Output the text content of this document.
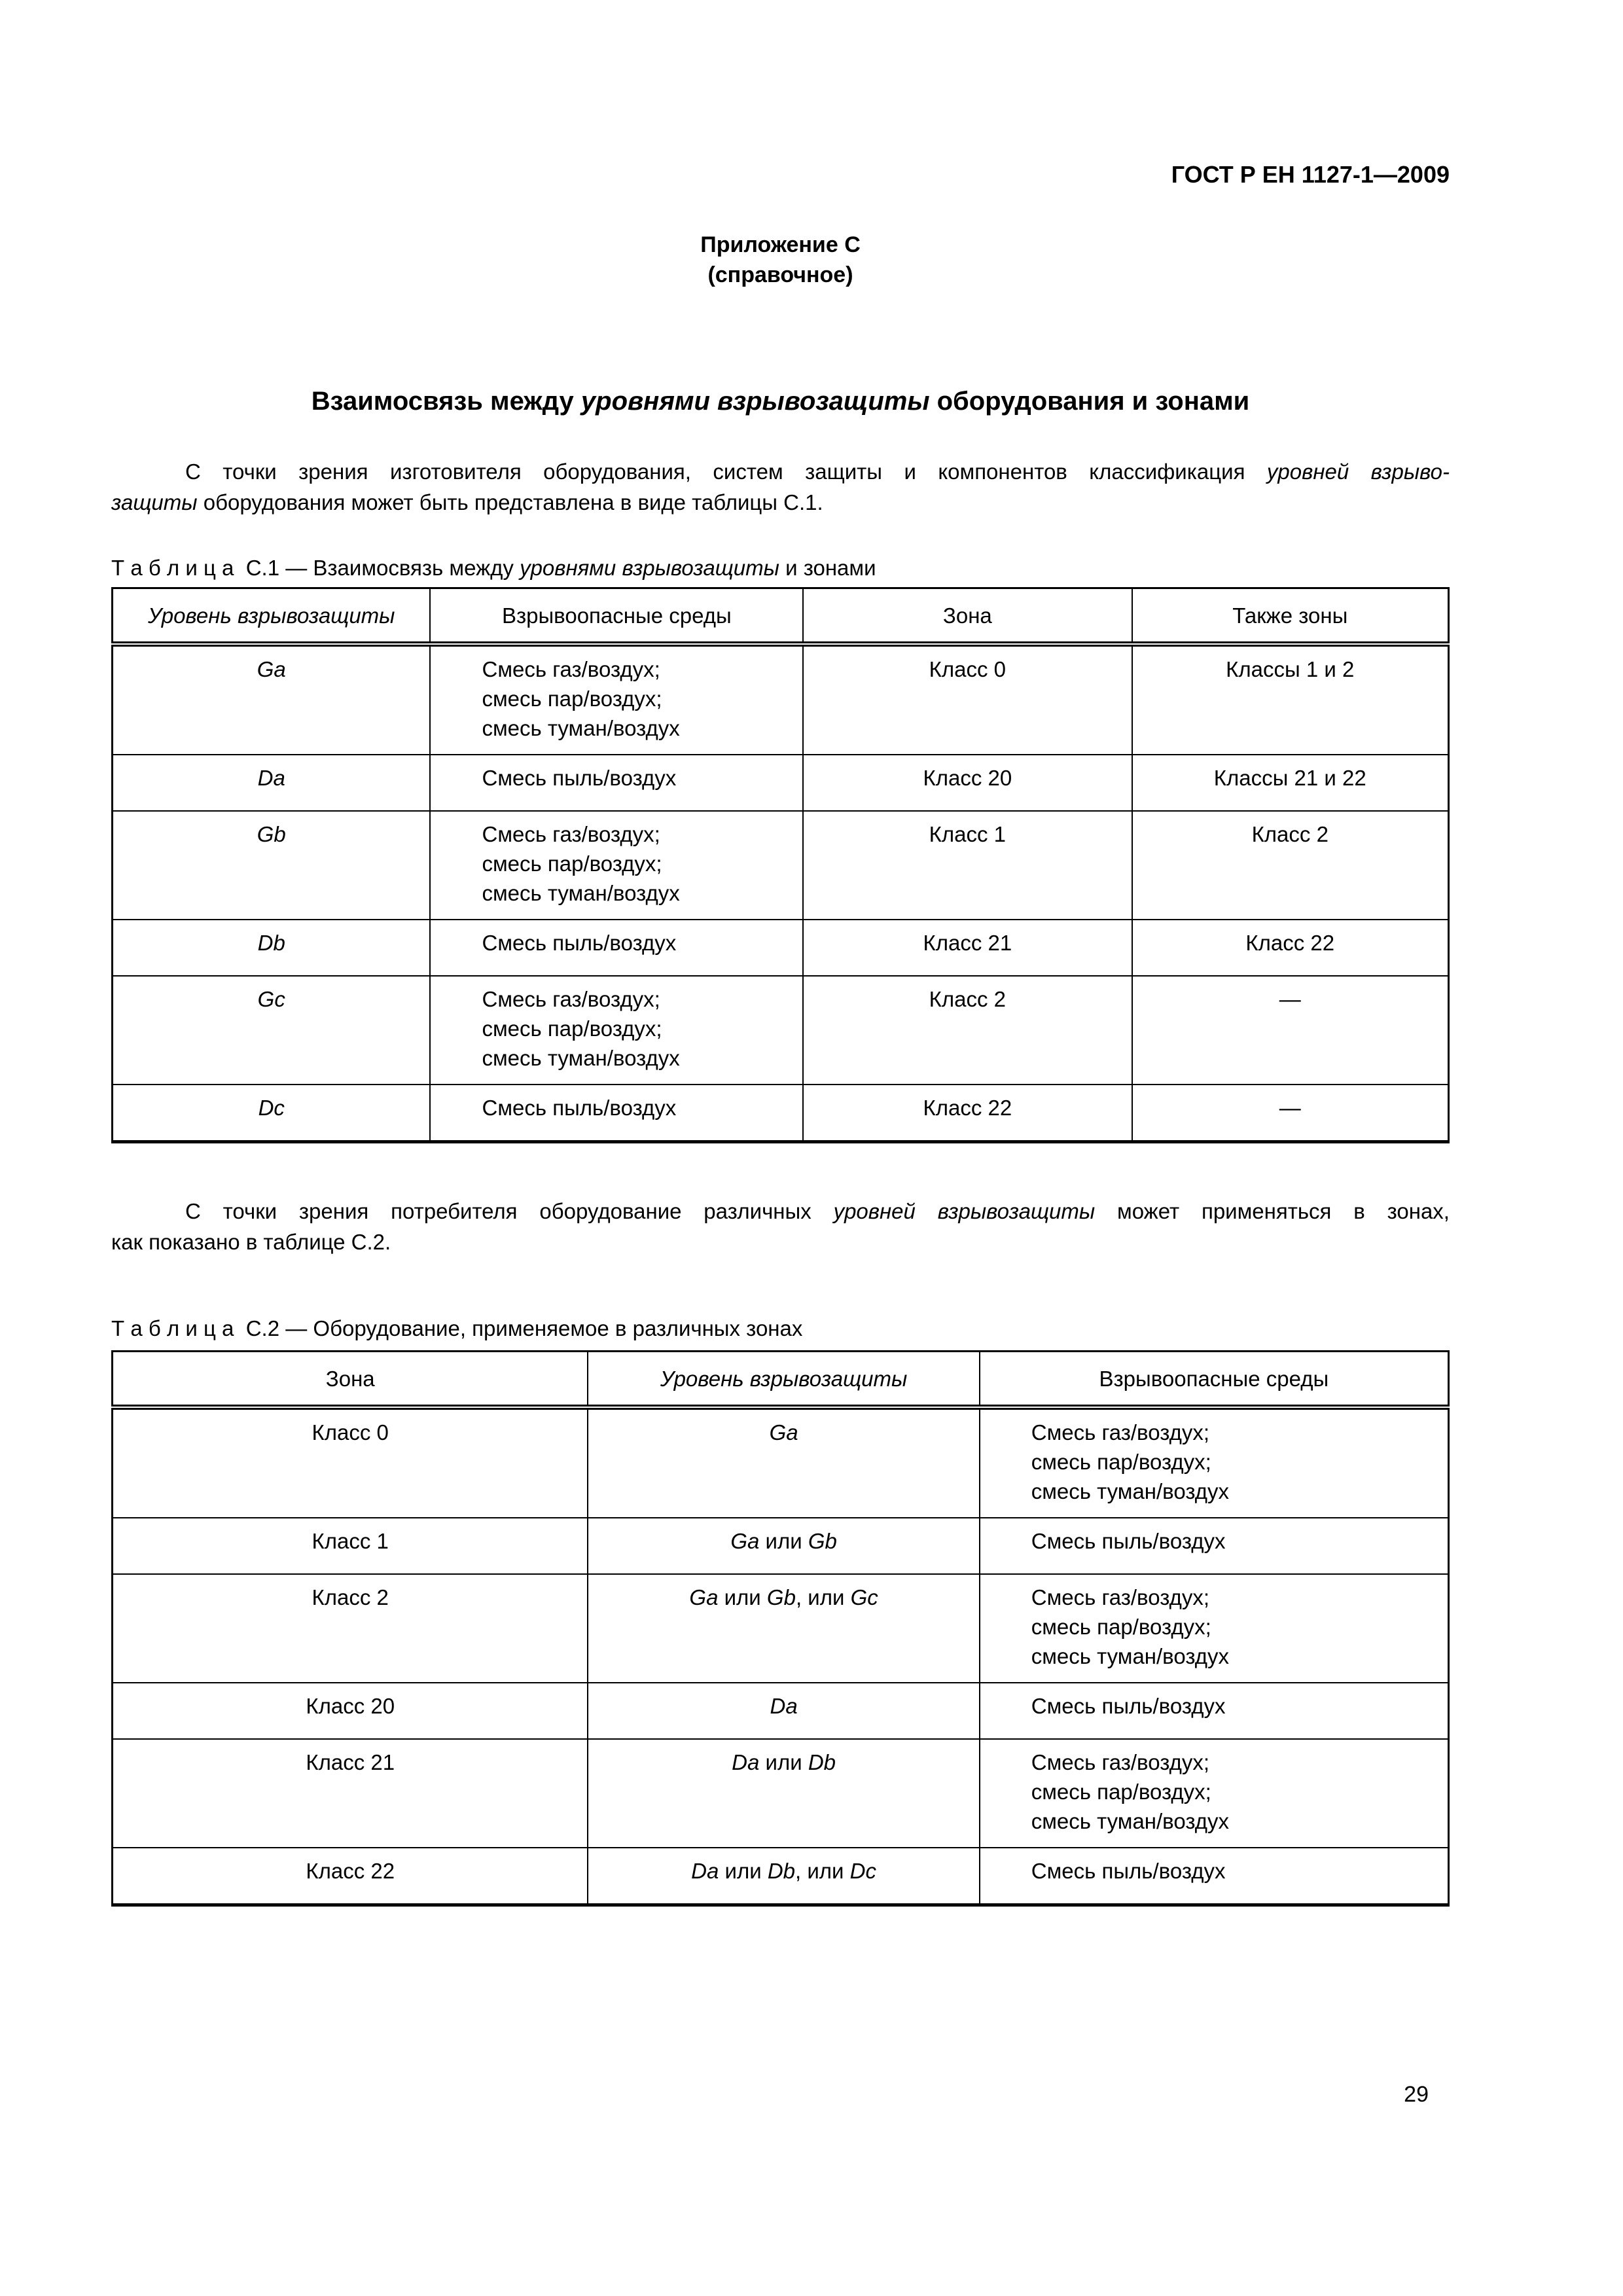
ГОСТ Р ЕН 1127-1—2009
Приложение С
(справочное)
Взаимосвязь между уровнями взрывозащиты оборудования и зонами

С точки зрения изготовителя оборудования, систем защиты и компонентов классификация уровней взрыво-
защиты оборудования может быть представлена в виде таблицы С.1.

Т а б л и ц а  С.1 — Взаимосвязь между уровнями взрывозащиты и зонами

Уровень взрывозащиты	Взрывоопасные среды	Зона	Также зоны
Ga	Смесь газ/воздух;
смесь пар/воздух;
смесь туман/воздух	Класс 0	Классы 1 и 2
Da	Смесь пыль/воздух	Класс 20	Классы 21 и 22
Gb	Смесь газ/воздух;
смесь пар/воздух;
смесь туман/воздух	Класс 1	Класс 2
Db	Смесь пыль/воздух	Класс 21	Класс 22
Gc	Смесь газ/воздух;
смесь пар/воздух;
смесь туман/воздух	Класс 2	—
Dc	Смесь пыль/воздух	Класс 22	—

С точки зрения потребителя оборудование различных уровней взрывозащиты может применяться в зонах,
как показано в таблице С.2.

Т а б л и ц а  С.2 — Оборудование, применяемое в различных зонах

Зона	Уровень взрывозащиты	Взрывоопасные среды
Класс 0	Ga	Смесь газ/воздух;
смесь пар/воздух;
смесь туман/воздух

Класс 1	Ga или Gb	Смесь пыль/воздух

Класс 2	Ga или Gb, или Gc	Смесь газ/воздух;
смесь пар/воздух;
смесь туман/воздух

Класс 20	Da	Смесь пыль/воздух

Класс 21	Da или Db	Смесь газ/воздух;
смесь пар/воздух;
смесь туман/воздух

Класс 22	Da или Db, или Dc	Смесь пыль/воздух
29
